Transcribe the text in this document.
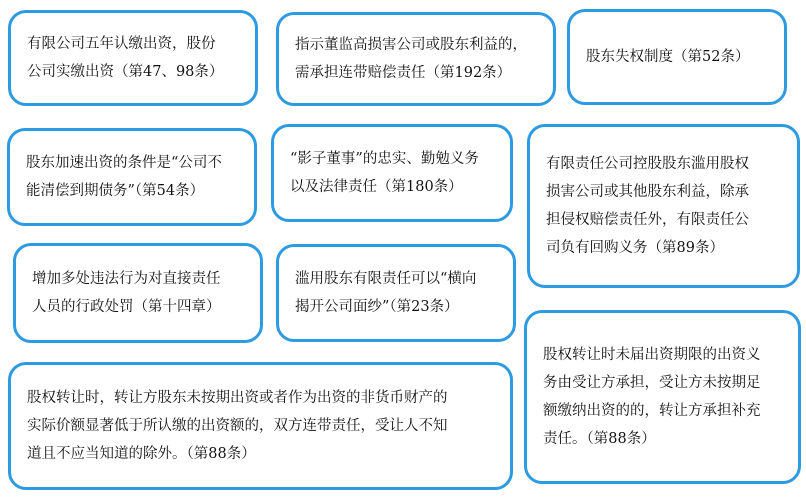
有限公司五年认缴出资，股份
公司实缴出资（第47、98条）
指示董监高损害公司或股东利益的，
需承担连带赔偿责任（第192条）
股东失权制度（第52条）
股东加速出资的条件是“公司不
能清偿到期债务”（第54条）
“影子董事”的忠实、勤勉义务
以及法律责任（第180条）
有限责任公司控股股东滥用股权
损害公司或其他股东利益，除承
担侵权赔偿责任外，有限责任公
司负有回购义务（第89条）
增加多处违法行为对直接责任
人员的行政处罚（第十四章）
滥用股东有限责任可以“横向
揭开公司面纱”（第23条）
股权转让时，转让方股东未按期出资或者作为出资的非货币财产的
实际价额显著低于所认缴的出资额的，双方连带责任，受让人不知
道且不应当知道的除外。（第88条）
股权转让时未届出资期限的出资义
务由受让方承担，受让方未按期足
额缴纳出资的的，转让方承担补充
责任。（第88条）
